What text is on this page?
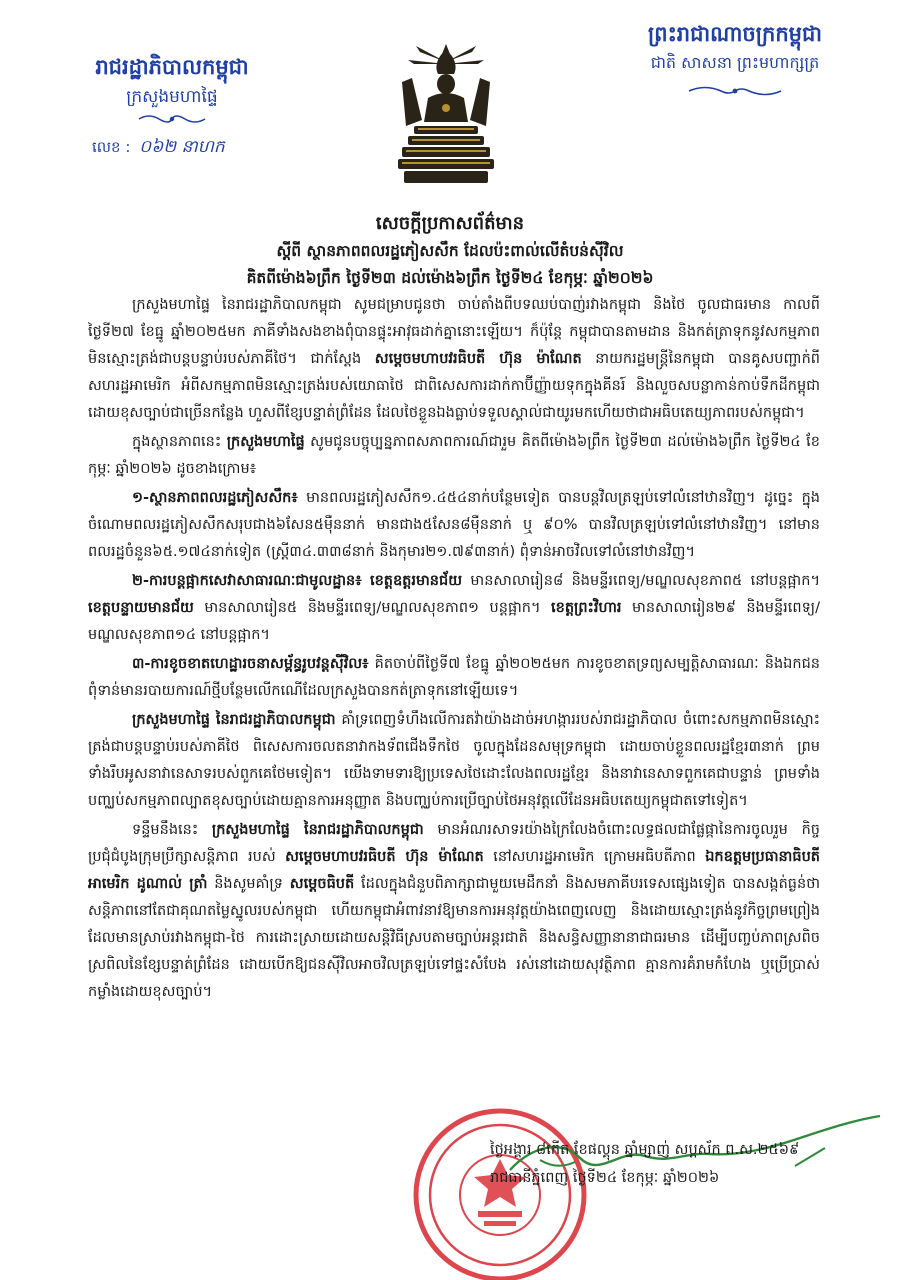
រាជរដ្ឋាភិបាលកម្ពុជា
ក្រសួងមហាផ្ទៃ
លេខ : ០៦២ នាហក
ព្រះរាជាណាចក្រកម្ពុជា
ជាតិ សាសនា ព្រះមហាក្សត្រ
សេចក្តីប្រកាសព័ត៌មាន
ស្តីពី ស្ថានភាពពលរដ្ឋភៀសសឹក ដែលប៉ះពាល់លើតំបន់ស៊ីវិល
គិតពីម៉ោង៦ព្រឹក ថ្ងៃទី២៣ ដល់ម៉ោង៦ព្រឹក ថ្ងៃទី២៤ ខែកុម្ភៈ ឆ្នាំ២០២៦

ក្រសួងមហាផ្ទៃ នៃរាជរដ្ឋាភិបាលកម្ពុជា សូមជម្រាបជូនថា ចាប់តាំងពីបទឈប់បាញ់រវាងកម្ពុជា និងថៃ ចូលជាធរមាន កាលពីថ្ងៃទី២៧ ខែធ្នូ ឆ្នាំ២០២៥មក ភាគីទាំងសងខាងពុំបានផ្ទុះអាវុធដាក់គ្នានោះឡើយ។ ក៏ប៉ុន្តែ កម្ពុជាបានតាមដាន និងកត់ត្រាទុកនូវសកម្មភាពមិនស្មោះត្រង់ជាបន្តបន្ទាប់របស់ភាគីថៃ។ ជាក់ស្តែង សម្តេចមហាបវរធិបតី ហ៊ុន ម៉ាណែត នាយករដ្ឋមន្ត្រីនៃកម្ពុជា បានគូសបញ្ជាក់ពីសហរដ្ឋអាមេរិក អំពីសកម្មភាពមិនស្មោះត្រង់របស់យោធាថៃ ជាពិសេសការដាក់កាប៊ីញ្ញ៉ាយទុកក្នុងគីនរ៍ និងលួចសបន្លាកាន់កាប់ទឹកដីកម្ពុជាដោយខុសច្បាប់ជាច្រើនកន្លែង ហួសពីខ្សែបន្ទាត់ព្រំដែន ដែលថៃខ្លួនឯងធ្លាប់ទទួលស្គាល់ជាយូរមកហើយថាជាអធិបតេយ្យភាពរបស់កម្ពុជា។

ក្នុងស្ថានភាពនេះ ក្រសួងមហាផ្ទៃ សូមជូនបច្ចុប្បន្នភាពសភាពការណ៍ជារួម គិតពីម៉ោង៦ព្រឹក ថ្ងៃទី២៣ ដល់ម៉ោង៦ព្រឹក ថ្ងៃទី២៤ ខែកុម្ភៈ ឆ្នាំ២០២៦ ដូចខាងក្រោម៖

១-ស្ថានភាពពលរដ្ឋភៀសសឹក៖ មានពលរដ្ឋភៀសសឹក១.៤៥៤នាក់បន្ថែមទៀត បានបន្តវិលត្រឡប់ទៅលំនៅឋានវិញ។ ដូច្នេះ ក្នុងចំណោមពលរដ្ឋភៀសសឹកសរុបជាង៦សែន៥ម៉ឺននាក់ មានជាង៥សែន៨ម៉ឺននាក់ ឬ ៩០% បានវិលត្រឡប់ទៅលំនៅឋានវិញ។ នៅមានពលរដ្ឋចំនួន៦៥.១៧៤នាក់ទៀត (ស្ត្រី៣៤.៣៣៨នាក់ និងកុមារ២១.៧៩៣នាក់) ពុំទាន់អាចវិលទៅលំនៅឋានវិញ។

២-ការបន្តផ្អាកសេវាសាធារណៈជាមូលដ្ឋាន៖ ខេត្តឧត្តរមានជ័យ មានសាលារៀន៨ និងមន្ទីរពេទ្យ/មណ្ឌលសុខភាព៥ នៅបន្តផ្អាក។ ខេត្តបន្ទាយមានជ័យ មានសាលារៀន៥ និងមន្ទីរពេទ្យ/មណ្ឌលសុខភាព១ បន្តផ្អាក។ ខេត្តព្រះវិហារ មានសាលារៀន២៩ និងមន្ទីរពេទ្យ/មណ្ឌលសុខភាព១៤ នៅបន្តផ្អាក។

៣-ការខូចខាតហេដ្ឋារចនាសម្ព័ន្ធរូបវន្តស៊ីវិល៖ គិតចាប់ពីថ្ងៃទី៧ ខែធ្នូ ឆ្នាំ២០២៥មក ការខូចខាតទ្រព្យសម្បត្តិសាធារណៈ និងឯកជន ពុំទាន់មានរបាយការណ៍ថ្មីបន្ថែមលើកណើដែលក្រសួងបានកត់ត្រាទុកនៅឡើយទេ។

ក្រសួងមហាផ្ទៃ នៃរាជរដ្ឋាភិបាលកម្ពុជា គាំទ្រពេញទំហឹងលើការតវ៉ាយ៉ាងដាច់អហង្ការរបស់រាជរដ្ឋាភិបាល ចំពោះសកម្មភាពមិនស្មោះត្រង់ជាបន្តបន្ទាប់របស់ភាគីថៃ ពិសេសការចលតនាវាកងទ័ពជើងទឹកថៃ ចូលក្នុងដែនសមុទ្រកម្ពុជា ដោយចាប់ខ្លួនពលរដ្ឋខ្មែរ៣នាក់ ព្រមទាំងរឹបអូសនាវានេសាទរបស់ពួកគេថែមទៀត។ យើងទាមទារឱ្យប្រទេសថៃដោះលែងពលរដ្ឋខ្មែរ និងនាវានេសាទពួកគេជាបន្ទាន់ ព្រមទាំងបញ្ឈប់សកម្មភាពល្បាតខុសច្បាប់ដោយគ្មានការអនុញ្ញាត និងបញ្ឈប់ការប្រើច្បាប់ថៃអនុវត្តលើដែនអធិបតេយ្យកម្ពុជាតទៅទៀត។

ទន្ទឹមនឹងនេះ ក្រសួងមហាផ្ទៃ នៃរាជរដ្ឋាភិបាលកម្ពុជា មានអំណរសាទរយ៉ាងក្រៃលែងចំពោះលទ្ធផលជាផ្លែផ្កានៃការចូលរួម កិច្ចប្រជុំជំបូងក្រុមប្រឹក្សាសន្តិភាព របស់ សម្តេចមហាបវរធិបតី ហ៊ុន ម៉ាណែត នៅសហរដ្ឋអាមេរិក ក្រោមអធិបតីភាព ឯកឧត្តមប្រធានាធិបតីអាមេរិក ដូណាល់ ត្រាំ និងសូមគាំទ្រ សម្តេចធិបតី ដែលក្នុងជំនួបពិភាក្សាជាមួយមេដឹកនាំ និងសមភាគីបរទេសផ្សេងទៀត បានសង្កត់ធ្ងន់ថា សន្តិភាពនៅតែជាគុណតម្លៃស្នូលរបស់កម្ពុជា ហើយកម្ពុជាអំពាវនាវឱ្យមានការអនុវត្តយ៉ាងពេញលេញ និងដោយស្មោះត្រង់នូវកិច្ចព្រមព្រៀងដែលមានស្រាប់រវាងកម្ពុជា-ថៃ ការដោះស្រាយដោយសន្តិវិធីស្របតាមច្បាប់អន្តរជាតិ និងសន្ធិសញ្ញានានាជាធរមាន ដើម្បីបញ្ចប់ភាពស្រពិចស្រពិលនៃខ្សែបន្ទាត់ព្រំដែន ដោយបើកឱ្យជនស៊ីវិលអាចវិលត្រឡប់ទៅផ្ទះសំបែង រស់នៅដោយសុវត្ថិភាព គ្មានការគំរាមកំហែង ឬប្រើប្រាស់កម្លាំងដោយខុសច្បាប់។

ថ្ងៃអង្គារ ៨កើត ខែផល្គុន ឆ្នាំម្សាញ់ សប្តស័ក ព.ស.២៥៦៩
រាជធានីភ្នំពេញ ថ្ងៃទី២៤ ខែកុម្ភៈ ឆ្នាំ២០២៦
